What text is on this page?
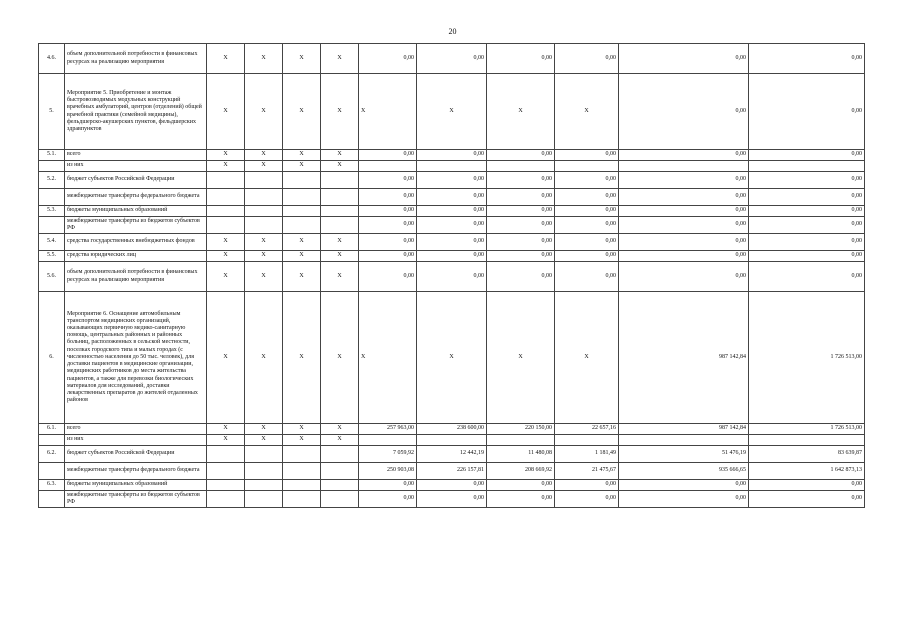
20
4.6.	объем дополнительной потребности в финансовых ресурсах на реализацию мероприятия	X	X	X	X	0,00	0,00	0,00	0,00	0,00	0,00
5.	Мероприятие 5. Приобретение и монтаж быстровозводимых модульных конструкций врачебных амбулаторий, центров (отделений) общей врачебной практики (семейной медицины), фельдшерско-акушерских пунктов, фельдшерских здравпунктов	X	X	X	X	X	X	X	X	0,00	0,00
5.1.	всего	X	X	X	X	0,00	0,00	0,00	0,00	0,00	0,00
	из них	X	X	X	X						
5.2.	бюджет субъектов Российской Федерации					0,00	0,00	0,00	0,00	0,00	0,00
	межбюджетные трансферты федерального бюджета					0,00	0,00	0,00	0,00	0,00	0,00
5.3.	бюджеты муниципальных образований					0,00	0,00	0,00	0,00	0,00	0,00
	межбюджетные трансферты из бюджетов субъектов РФ					0,00	0,00	0,00	0,00	0,00	0,00
5.4.	средства государственных внебюджетных фондов	X	X	X	X	0,00	0,00	0,00	0,00	0,00	0,00
5.5.	средства юридических лиц	X	X	X	X	0,00	0,00	0,00	0,00	0,00	0,00
5.6.	объем дополнительной потребности в финансовых ресурсах на реализацию мероприятия	X	X	X	X	0,00	0,00	0,00	0,00	0,00	0,00
6.	Мероприятие 6. Оснащение автомобильным транспортом медицинских организаций, оказывающих первичную медико-санитарную помощь, центральных районных и районных больниц, расположенных в сельской местности, поселках городского типа и малых городах (с численностью населения до 50 тыс. человек), для доставки пациентов в медицинские организации, медицинских работников до места жительства пациентов, а также для перевозки биологических материалов для исследований, доставки лекарственных препаратов до жителей отдаленных районов	X	X	X	X	X	X	X	X	987 142,84	1 726 513,00
6.1.	всего	X	X	X	X	257 963,00	238 600,00	220 150,00	22 657,16	987 142,84	1 726 513,00
	из них	X	X	X	X						
6.2.	бюджет субъектов Российской Федерации					7 059,92	12 442,19	11 480,08	1 181,49	51 476,19	83 639,87
	межбюджетные трансферты федерального бюджета					250 903,08	226 157,81	208 669,92	21 475,67	935 666,65	1 642 873,13
6.3.	бюджеты муниципальных образований					0,00	0,00	0,00	0,00	0,00	0,00
	межбюджетные трансферты из бюджетов субъектов РФ					0,00	0,00	0,00	0,00	0,00	0,00
